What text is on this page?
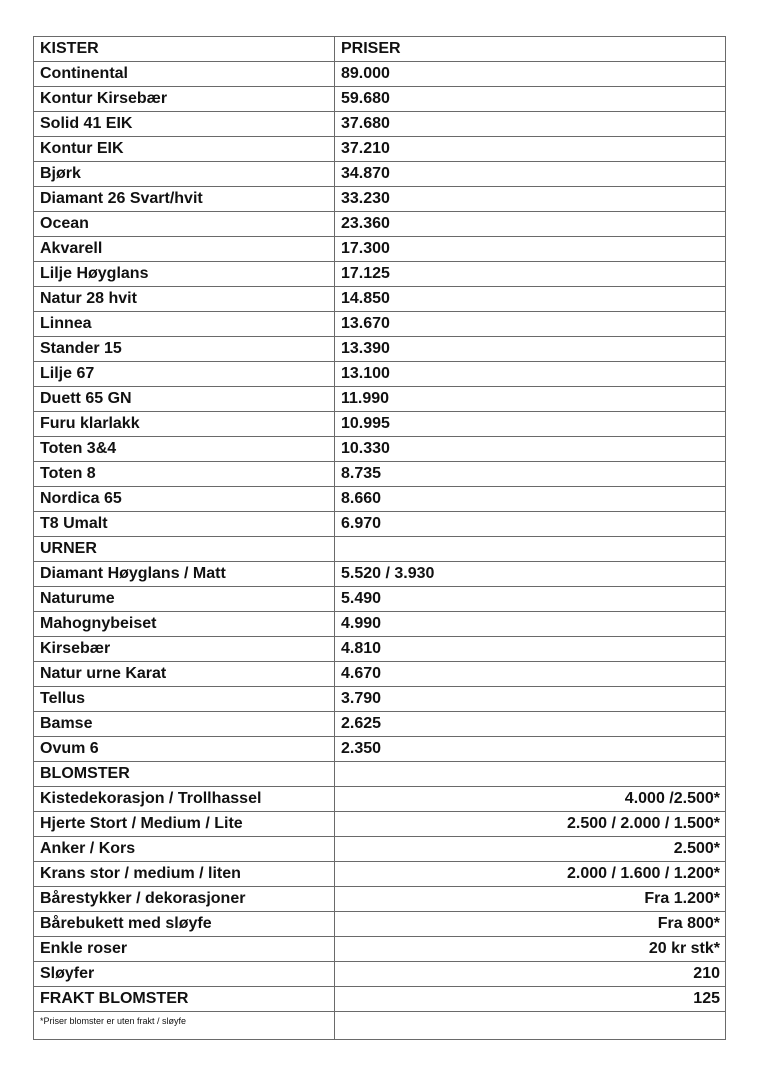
KISTER	PRISER
Continental	89.000
Kontur Kirsebær	59.680
Solid 41 EIK	37.680
Kontur EIK	37.210
Bjørk	34.870
Diamant 26 Svart/hvit	33.230
Ocean	23.360
Akvarell	17.300
Lilje Høyglans	17.125
Natur 28 hvit	14.850
Linnea	13.670
Stander 15	13.390
Lilje 67	13.100
Duett 65 GN	11.990
Furu klarlakk	10.995
Toten 3&4	10.330
Toten 8	8.735
Nordica 65	8.660
T8 Umalt	6.970
URNER	
Diamant Høyglans / Matt	5.520 / 3.930
Naturume	5.490
Mahognybeiset	4.990
Kirsebær	4.810
Natur urne Karat	4.670
Tellus	3.790
Bamse	2.625
Ovum 6	2.350
BLOMSTER	
Kistedekorasjon / Trollhassel	4.000 /2.500*
Hjerte Stort / Medium / Lite	2.500 / 2.000 / 1.500*
Anker / Kors	2.500*
Krans stor / medium / liten	2.000 / 1.600 / 1.200*
Bårestykker / dekorasjoner	Fra 1.200*
Bårebukett med sløyfe	Fra 800*
Enkle roser	20 kr stk*
Sløyfer	210
FRAKT BLOMSTER	125
*Priser blomster er uten frakt / sløyfe	
